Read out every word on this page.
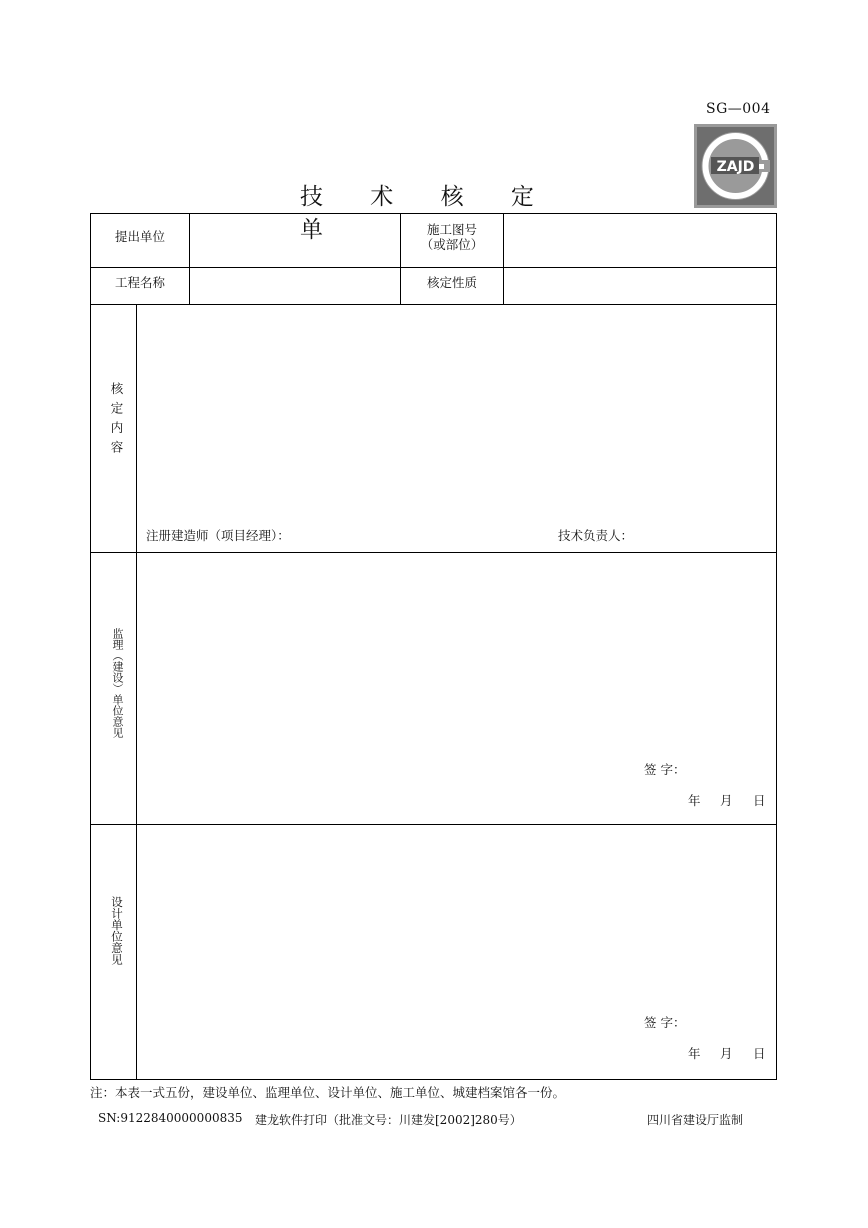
SG—004
ZAJD
技 术 核 定 单
提出单位	施工图号
（或部位）
工程名称	核定性质
核定内容
注册建造师（项目经理）：	技术负责人：
监理（建设）单位意见
签 字：
年 月 日
设计单位意见
签 字：
年 月 日
注：本表一式五份，建设单位、监理单位、设计单位、施工单位、城建档案馆各一份。
SN:9122840000000835 建龙软件打印（批准文号：川建发[2002]280号）	四川省建设厅监制
